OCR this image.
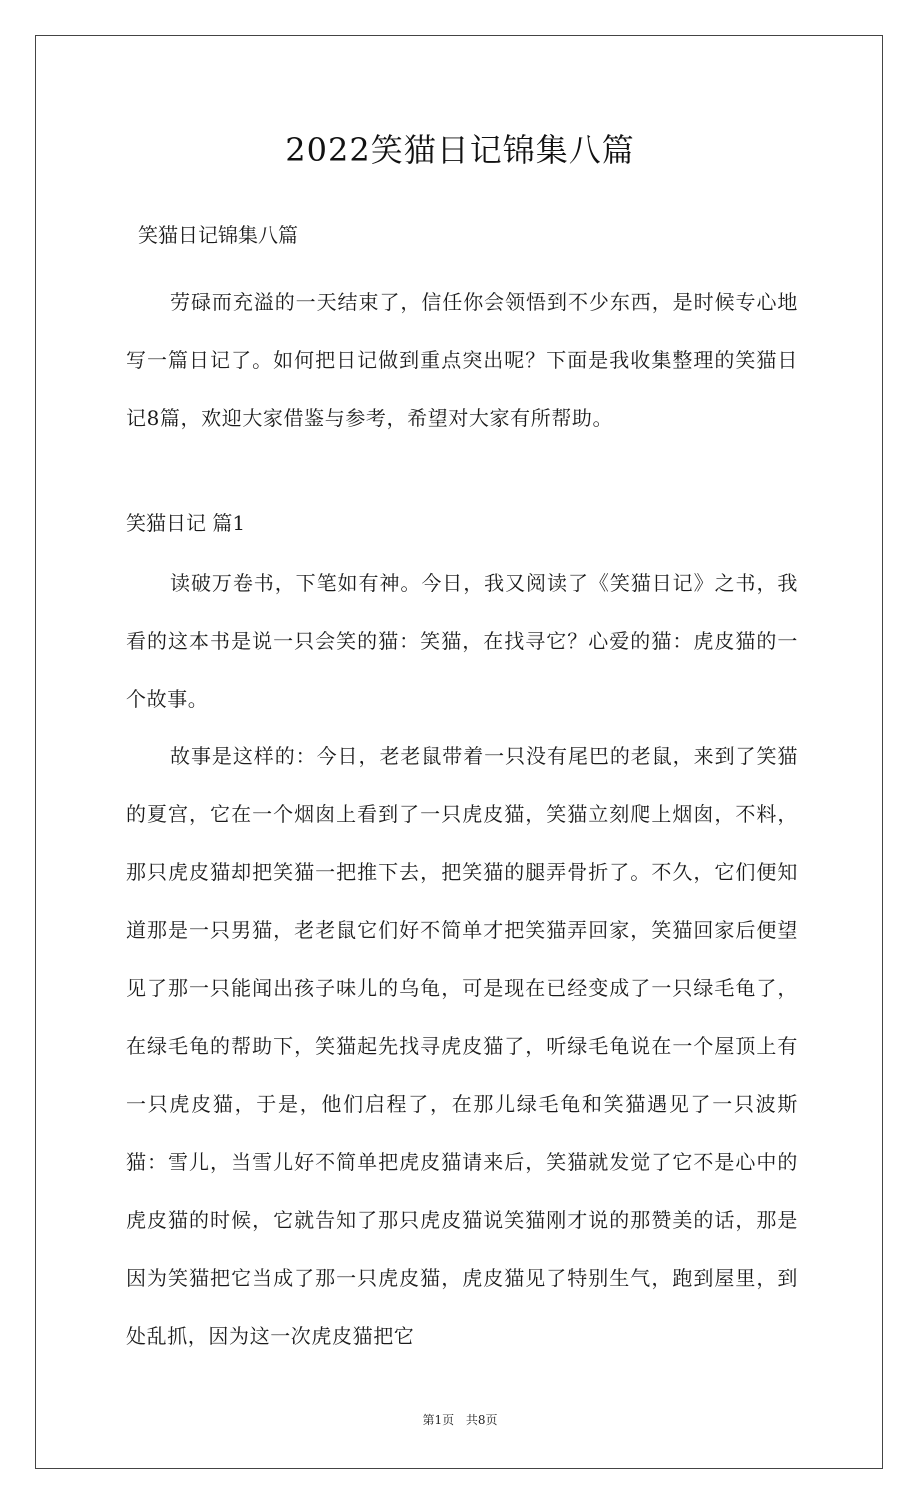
2022笑猫日记锦集八篇
笑猫日记锦集八篇

劳碌而充溢的一天结束了，信任你会领悟到不少东西，是时候专心地写一篇日记了。如何把日记做到重点突出呢？下面是我收集整理的笑猫日记8篇，欢迎大家借鉴与参考，希望对大家有所帮助。

笑猫日记 篇1

读破万卷书，下笔如有神。今日，我又阅读了《笑猫日记》之书，我看的这本书是说一只会笑的猫：笑猫，在找寻它？心爱的猫：虎皮猫的一个故事。

故事是这样的：今日，老老鼠带着一只没有尾巴的老鼠，来到了笑猫的夏宫，它在一个烟囱上看到了一只虎皮猫，笑猫立刻爬上烟囱，不料，那只虎皮猫却把笑猫一把推下去，把笑猫的腿弄骨折了。不久，它们便知道那是一只男猫，老老鼠它们好不简单才把笑猫弄回家，笑猫回家后便望见了那一只能闻出孩子味儿的乌龟，可是现在已经变成了一只绿毛龟了，在绿毛龟的帮助下，笑猫起先找寻虎皮猫了，听绿毛龟说在一个屋顶上有一只虎皮猫，于是，他们启程了，在那儿绿毛龟和笑猫遇见了一只波斯猫：雪儿，当雪儿好不简单把虎皮猫请来后，笑猫就发觉了它不是心中的虎皮猫的时候，它就告知了那只虎皮猫说笑猫刚才说的那赞美的话，那是因为笑猫把它当成了那一只虎皮猫，虎皮猫见了特别生气，跑到屋里，到处乱抓，因为这一次虎皮猫把它

第1页 共8页
